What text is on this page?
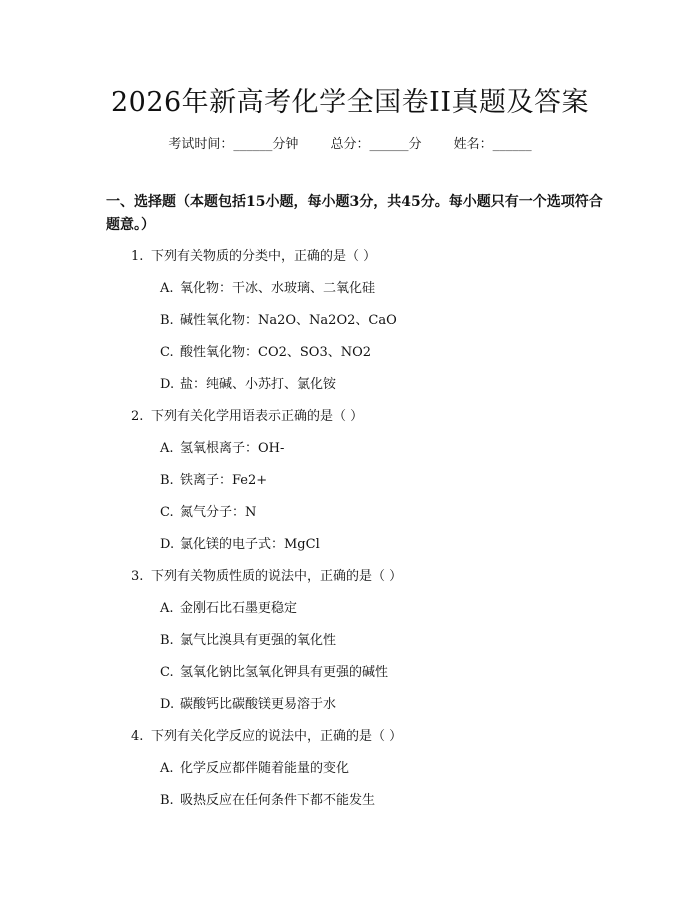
2026年新高考化学全国卷II真题及答案
考试时间：______分钟 总分：______分 姓名：______
一、选择题（本题包括15小题，每小题3分，共45分。每小题只有一个选项符合题意。）
1. 下列有关物质的分类中，正确的是（ ）
A. 氧化物：干冰、水玻璃、二氧化硅
B. 碱性氧化物：Na2O、Na2O2、CaO
C. 酸性氧化物：CO2、SO3、NO2
D. 盐：纯碱、小苏打、氯化铵
2. 下列有关化学用语表示正确的是（ ）
A. 氢氧根离子：OH-
B. 铁离子：Fe2+
C. 氮气分子：N
D. 氯化镁的电子式：MgCl
3. 下列有关物质性质的说法中，正确的是（ ）
A. 金刚石比石墨更稳定
B. 氯气比溴具有更强的氧化性
C. 氢氧化钠比氢氧化钾具有更强的碱性
D. 碳酸钙比碳酸镁更易溶于水
4. 下列有关化学反应的说法中，正确的是（ ）
A. 化学反应都伴随着能量的变化
B. 吸热反应在任何条件下都不能发生
